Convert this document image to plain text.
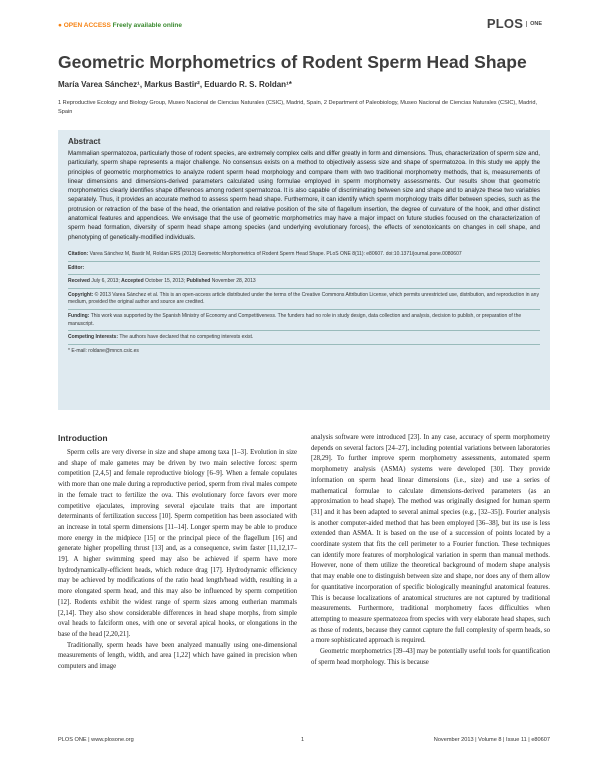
● OPEN ACCESS Freely available online	PLOS	ONE
Geometric Morphometrics of Rodent Sperm Head Shape
María Varea Sánchez¹, Markus Bastir², Eduardo R. S. Roldan¹*
1 Reproductive Ecology and Biology Group, Museo Nacional de Ciencias Naturales (CSIC), Madrid, Spain, 2 Department of Paleobiology, Museo Nacional de Ciencias Naturales (CSIC), Madrid, Spain
Abstract
Mammalian spermatozoa, particularly those of rodent species, are extremely complex cells and differ greatly in form and dimensions. Thus, characterization of sperm size and, particularly, sperm shape represents a major challenge. No consensus exists on a method to objectively assess size and shape of spermatozoa. In this study we apply the principles of geometric morphometrics to analyze rodent sperm head morphology and compare them with two traditional morphometry methods, that is, measurements of linear dimensions and dimensions-derived parameters calculated using formulae employed in sperm morphometry assessments. Our results show that geometric morphometrics clearly identifies shape differences among rodent spermatozoa. It is also capable of discriminating between size and shape and to analyze these two variables separately. Thus, it provides an accurate method to assess sperm head shape. Furthermore, it can identify which sperm morphology traits differ between species, such as the protrusion or retraction of the base of the head, the orientation and relative position of the site of flagellum insertion, the degree of curvature of the hook, and other distinct anatomical features and appendices. We envisage that the use of geometric morphometrics may have a major impact on future studies focused on the characterization of sperm head formation, diversity of sperm head shape among species (and underlying evolutionary forces), the effects of xenotoxicants on changes in cell shape, and phenotyping of genetically-modified individuals.
Citation: Varea Sánchez M, Bastir M, Roldan ERS (2013) Geometric Morphometrics of Rodent Sperm Head Shape. PLoS ONE 8(11): e80607. doi:10.1371/journal.pone.0080607
Editor:
Received July 6, 2013; Accepted October 15, 2013; Published November 28, 2013
Copyright: © 2013 Varea Sánchez et al. This is an open-access article distributed under the terms of the Creative Commons Attribution License, which permits unrestricted use, distribution, and reproduction in any medium, provided the original author and source are credited.
Funding: This work was supported by the Spanish Ministry of Economy and Competitiveness. The funders had no role in study design, data collection and analysis, decision to publish, or preparation of the manuscript.
Competing Interests: The authors have declared that no competing interests exist.
* E-mail: roldane@mncn.csic.es
Introduction

Sperm cells are very diverse in size and shape among taxa [1–3]. Evolution in size and shape of male gametes may be driven by two main selective forces: sperm competition [2,4,5] and female reproductive biology [6–9]. When a female copulates with more than one male during a reproductive period, sperm from rival males compete in the female tract to fertilize the ova. This evolutionary force favors ever more competitive ejaculates, improving several ejaculate traits that are important determinants of fertilization success [10]. Sperm competition has been associated with an increase in total sperm dimensions [11–14]. Longer sperm may be able to produce more energy in the midpiece [15] or the principal piece of the flagellum [16] and generate higher propelling thrust [13] and, as a consequence, swim faster [11,12,17–19]. A higher swimming speed may also be achieved if sperm have more hydrodynamically-efficient heads, which reduce drag [17]. Hydrodynamic efficiency may be achieved by modifications of the ratio head length/head width, resulting in a more elongated sperm head, and this may also be influenced by sperm competition [12]. Rodents exhibit the widest range of sperm sizes among eutherian mammals [2,14]. They also show considerable differences in head shape morphs, from simple oval heads to falciform ones, with one or several apical hooks, or elongations in the base of the head [2,20,21].

Traditionally, sperm heads have been analyzed manually using one-dimensional measurements of length, width, and area [1,22] which have gained in precision when computers and image

analysis software were introduced [23]. In any case, accuracy of sperm morphometry depends on several factors [24–27], including potential variations between laboratories [28,29]. To further improve sperm morphometry assessments, automated sperm morphometry analysis (ASMA) systems were developed [30]. They provide information on sperm head linear dimensions (i.e., size) and use a series of mathematical formulae to calculate dimensions-derived parameters (as an approximation to head shape). The method was originally designed for human sperm [31] and it has been adapted to several animal species (e.g., [32–35]). Fourier analysis is another computer-aided method that has been employed [36–38], but its use is less extended than ASMA. It is based on the use of a succession of points located by a coordinate system that fits the cell perimeter to a Fourier function. These techniques can identify more features of morphological variation in sperm than manual methods. However, none of them utilize the theoretical background of modern shape analysis that may enable one to distinguish between size and shape, nor does any of them allow for quantitative incorporation of specific biologically meaningful anatomical features. This is because localizations of anatomical structures are not captured by traditional measurements. Furthermore, traditional morphometry faces difficulties when attempting to measure spermatozoa from species with very elaborate head shapes, such as those of rodents, because they cannot capture the full complexity of sperm heads, so a more sophisticated approach is required.

Geometric morphometrics [39–43] may be potentially useful tools for quantification of sperm head morphology. This is because

PLOS ONE | www.plosone.org	1	November 2013 | Volume 8 | Issue 11 | e80607
